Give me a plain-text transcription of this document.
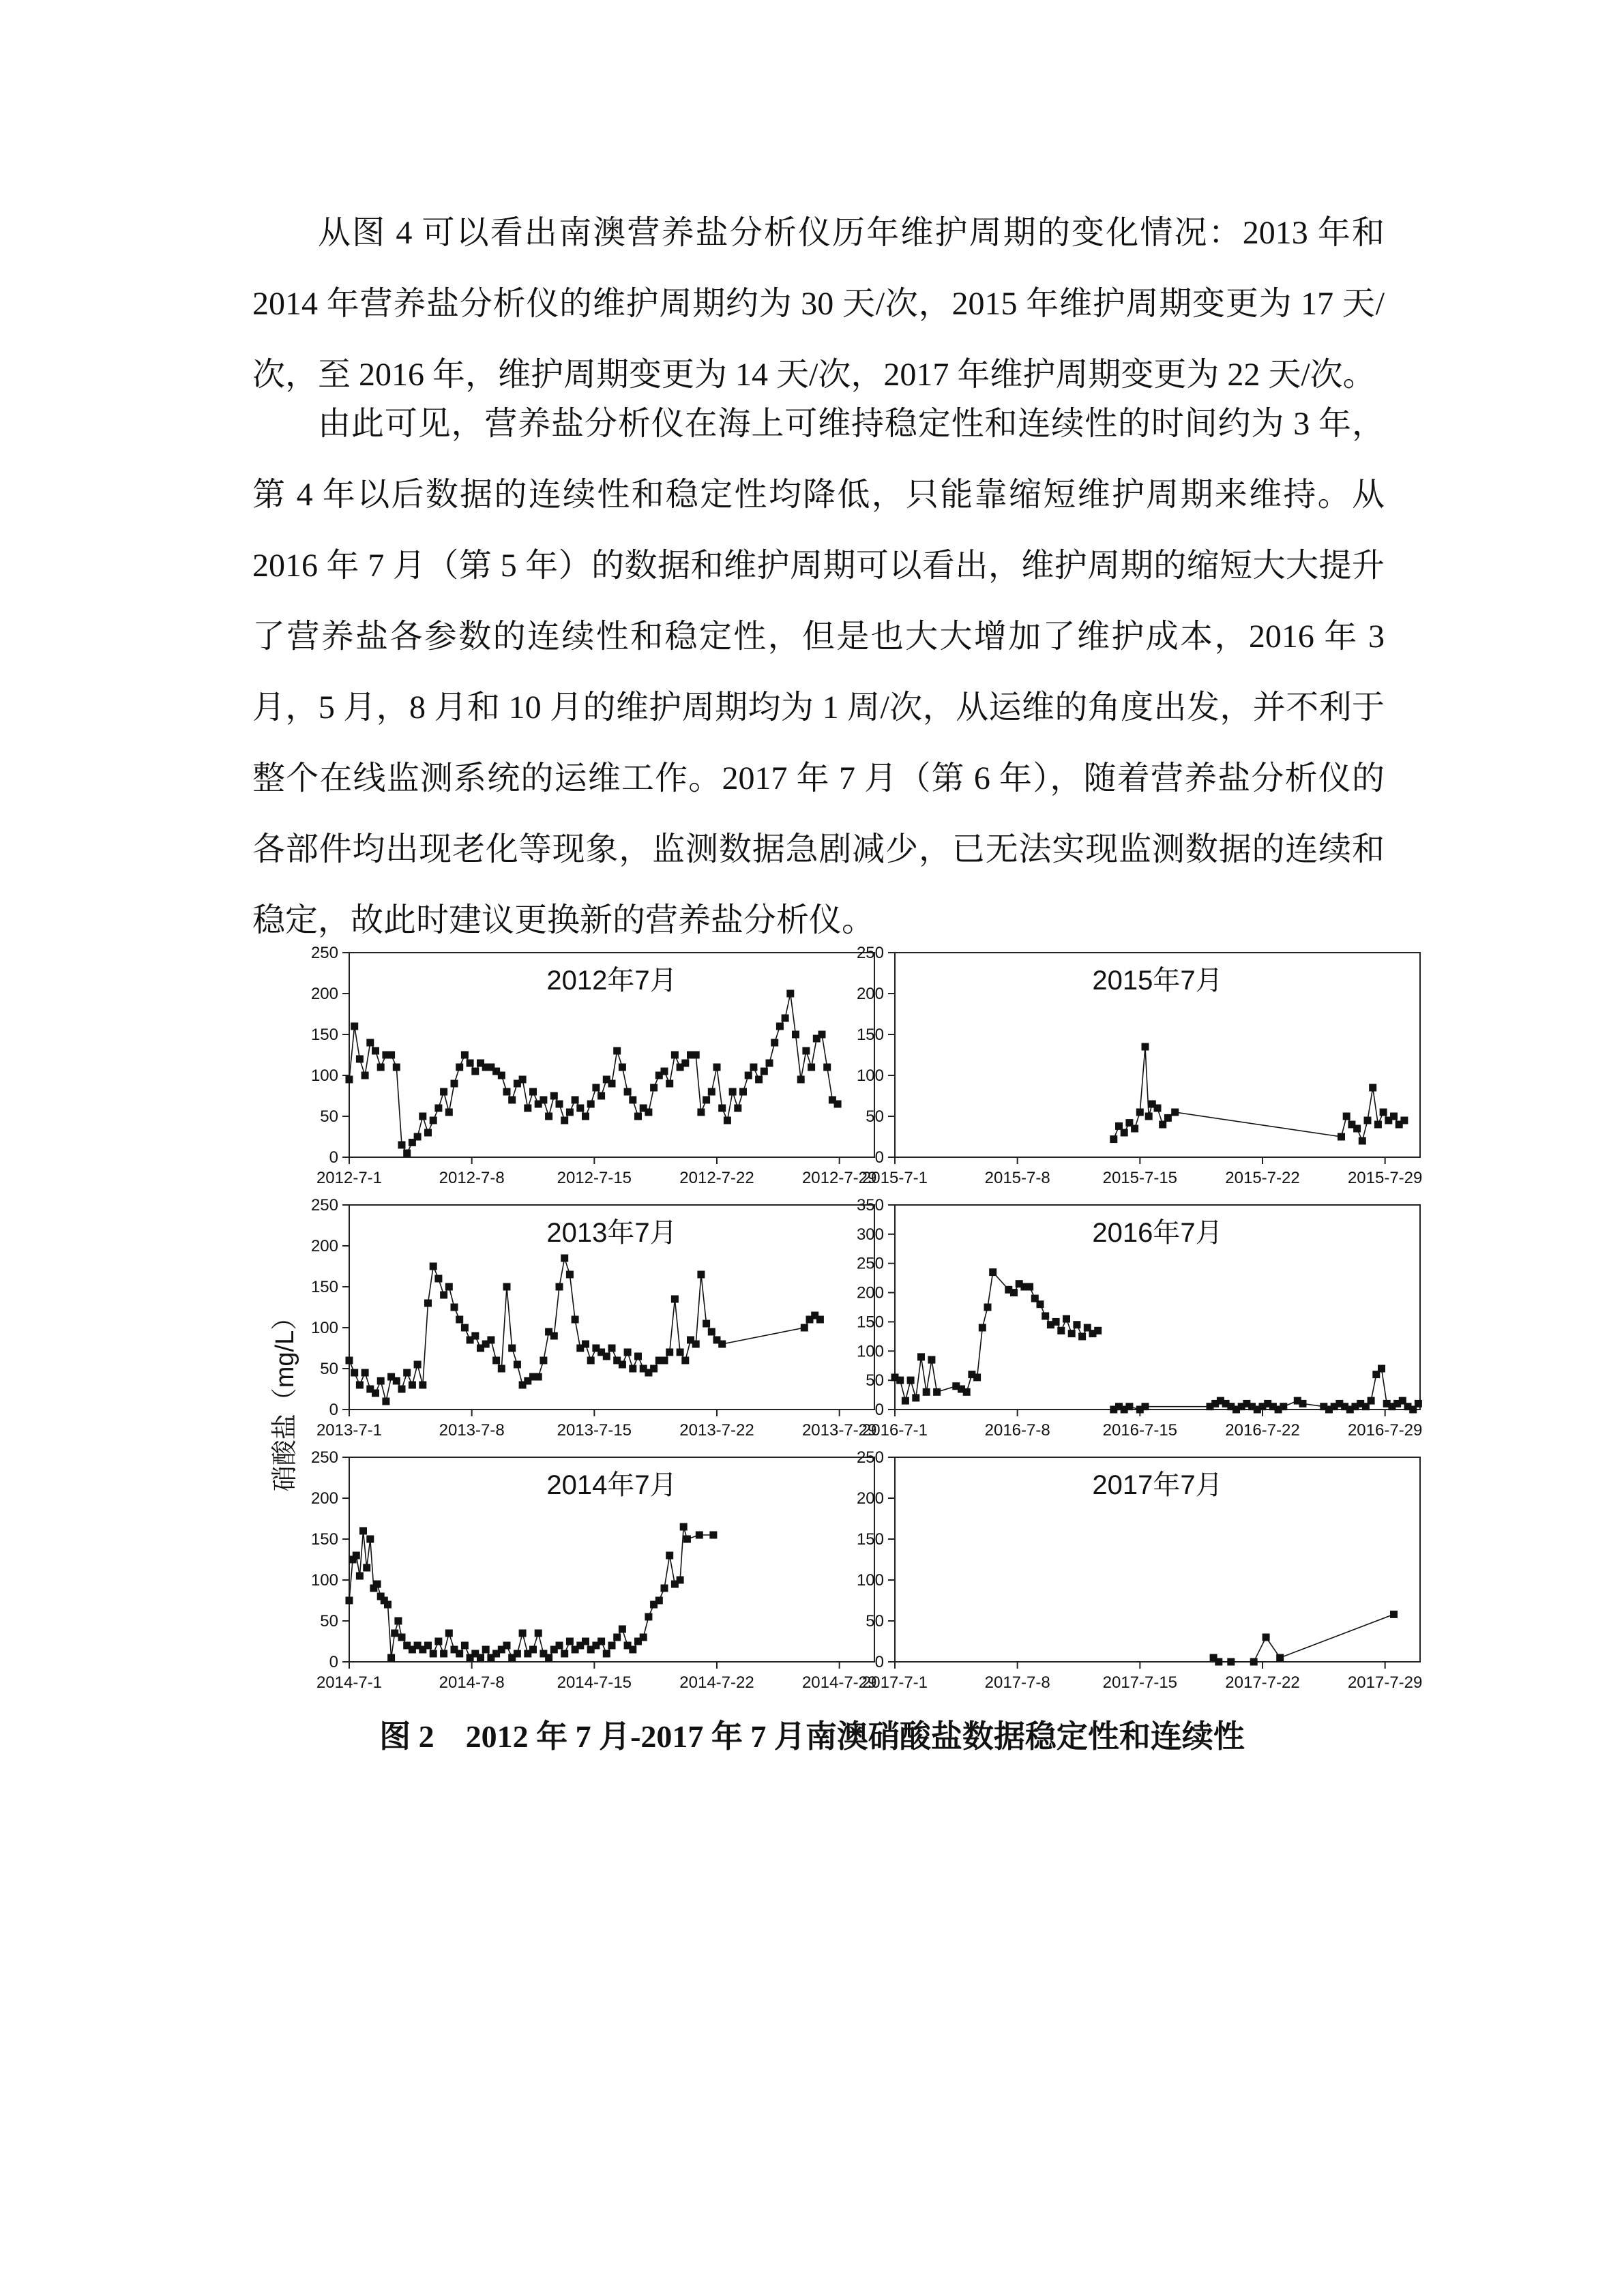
从图 4 可以看出南澳营养盐分析仪历年维护周期的变化情况：2013 年和 2014 年营养盐分析仪的维护周期约为 30 天/次，2015 年维护周期变更为 17 天/次，至 2016 年，维护周期变更为 14 天/次，2017 年维护周期变更为 22 天/次。

由此可见，营养盐分析仪在海上可维持稳定性和连续性的时间约为 3 年，第 4 年以后数据的连续性和稳定性均降低，只能靠缩短维护周期来维持。从 2016 年 7 月（第 5 年）的数据和维护周期可以看出，维护周期的缩短大大提升了营养盐各参数的连续性和稳定性，但是也大大增加了维护成本，2016 年 3 月，5 月，8 月和 10 月的维护周期均为 1 周/次，从运维的角度出发，并不利于整个在线监测系统的运维工作。2017 年 7 月（第 6 年），随着营养盐分析仪的各部件均出现老化等现象，监测数据急剧减少，已无法实现监测数据的连续和稳定，故此时建议更换新的营养盐分析仪。

0
50
100
150
200
250
2012-7-1	2012-7-8	2012-7-15	2012-7-22	2012-7-29
2012年7月
0
50
100
150
200
250
2015-7-1	2015-7-8	2015-7-15	2015-7-22	2015-7-29
2015年7月
0
50
100
150
200
250
2013-7-1	2013-7-8	2013-7-15	2013-7-22	2013-7-29
2013年7月
0
50
100
150
200
250
300
350
2016-7-1	2016-7-8	2016-7-15	2016-7-22	2016-7-29
2016年7月
0
50
100
150
200
250
2014-7-1	2014-7-8	2014-7-15	2014-7-22	2014-7-29
2014年7月
0
50
100
150
200
250
2017-7-1	2017-7-8	2017-7-15	2017-7-22	2017-7-29
2017年7月
硝酸盐（mg/L）
图 2　2012 年 7 月-2017 年 7 月南澳硝酸盐数据稳定性和连续性
